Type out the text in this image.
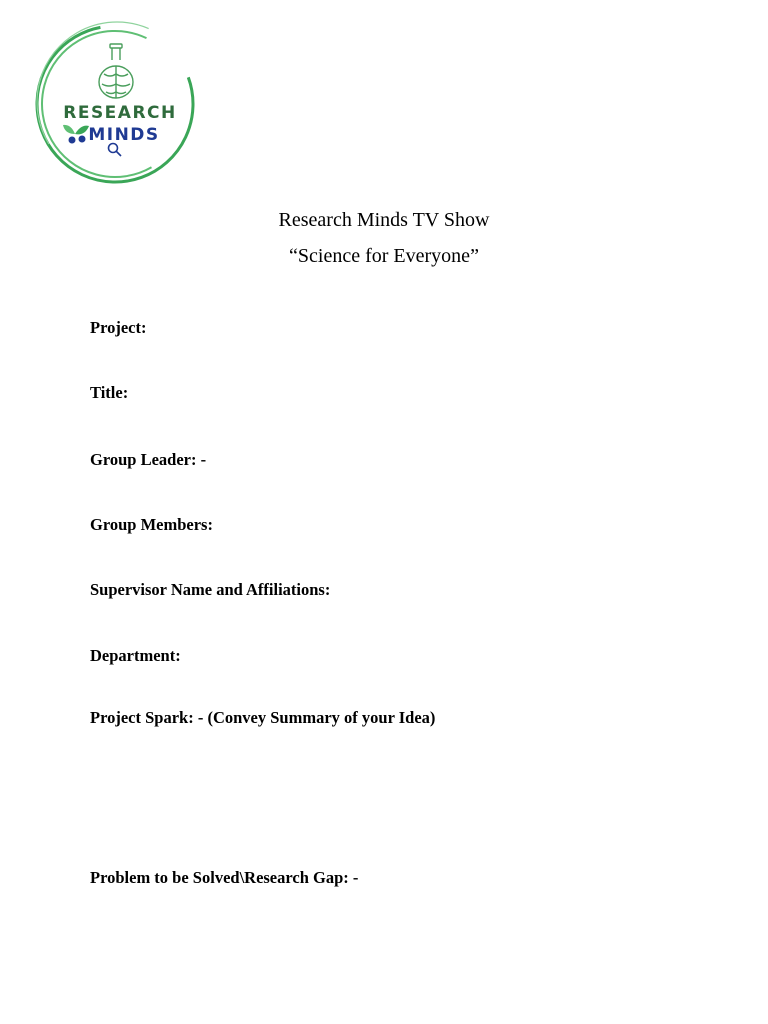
RESEARCH
MINDS
Research Minds TV Show
“Science for Everyone”
Project:
Title:
Group Leader: -
Group Members:
Supervisor Name and Affiliations:
Department:
Project Spark: - (Convey Summary of your Idea)
Problem to be Solved\Research Gap: -
